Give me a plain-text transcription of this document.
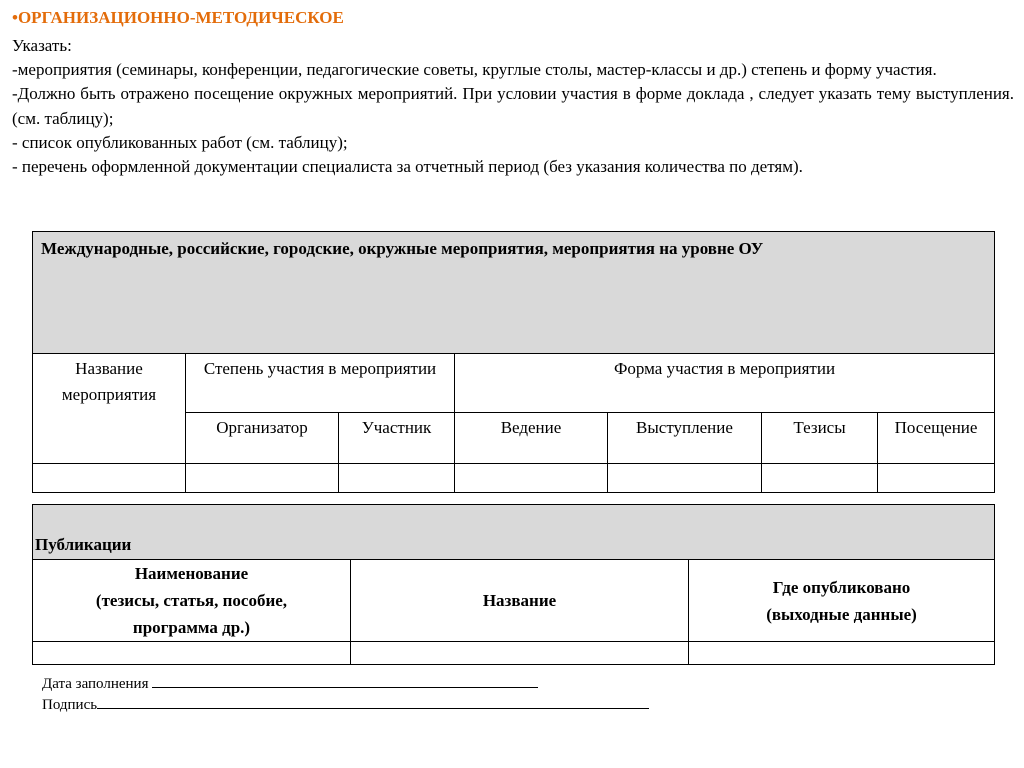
•ОРГАНИЗАЦИОННО-МЕТОДИЧЕСКОЕ

Указать:

-мероприятия (семинары, конференции, педагогические советы, круглые столы, мастер-классы и др.) степень и форму участия.

-Должно быть отражено посещение окружных мероприятий. При условии участия в форме доклада , следует указать тему выступления. (см. таблицу);

- список опубликованных работ (см. таблицу);

- перечень оформленной документации специалиста за отчетный период (без указания количества по детям).

Международные, российские, городские, окружные мероприятия, мероприятия на уровне ОУ						
Название мероприятия	Степень участия в мероприятии		Форма участия в мероприятии			
	Организатор	Участник	Ведение	Выступление	Тезисы	Посещение

Публикации		
Наименование
(тезисы, статья, пособие,
программа др.)	Название	Где опубликовано
(выходные данные)

Дата заполнения
Подпись
